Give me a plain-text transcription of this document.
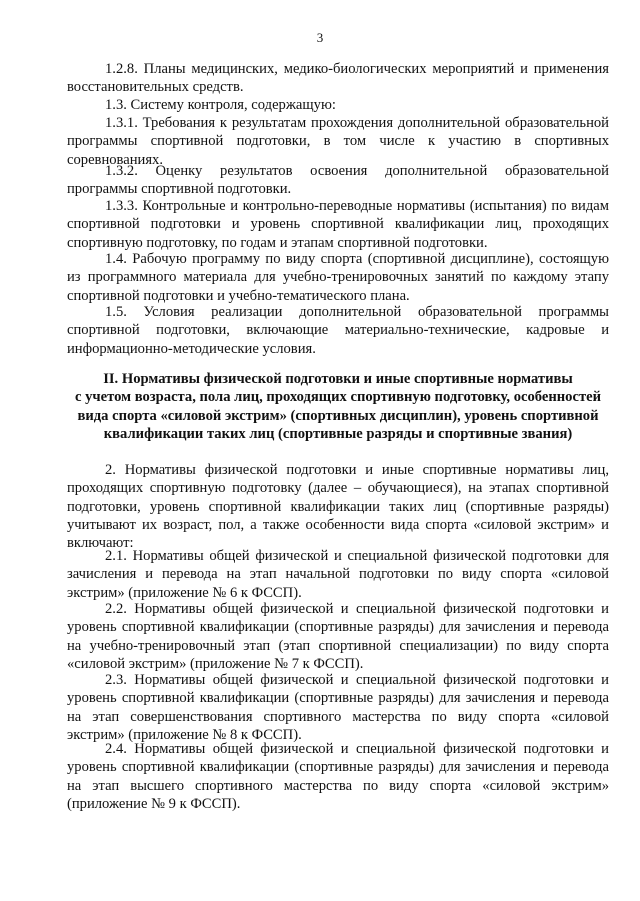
3

1.2.8. Планы медицинских, медико-биологических мероприятий и применения восстановительных средств.

1.3. Систему контроля, содержащую:

1.3.1. Требования к результатам прохождения дополнительной образовательной программы спортивной подготовки, в том числе к участию в спортивных соревнованиях.

1.3.2. Оценку результатов освоения дополнительной образовательной программы спортивной подготовки.

1.3.3. Контрольные и контрольно-переводные нормативы (испытания) по видам спортивной подготовки и уровень спортивной квалификации лиц, проходящих спортивную подготовку, по годам и этапам спортивной подготовки.

1.4. Рабочую программу по виду спорта (спортивной дисциплине), состоящую из программного материала для учебно-тренировочных занятий по каждому этапу спортивной подготовки и учебно-тематического плана.

1.5. Условия реализации дополнительной образовательной программы спортивной подготовки, включающие материально-технические, кадровые и информационно-методические условия.

II. Нормативы физической подготовки и иные спортивные нормативы
с учетом возраста, пола лиц, проходящих спортивную подготовку, особенностей
вида спорта «силовой экстрим» (спортивных дисциплин), уровень спортивной
квалификации таких лиц (спортивные разряды и спортивные звания)

2. Нормативы физической подготовки и иные спортивные нормативы лиц, проходящих спортивную подготовку (далее – обучающиеся), на этапах спортивной подготовки, уровень спортивной квалификации таких лиц (спортивные разряды) учитывают их возраст, пол, а также особенности вида спорта «силовой экстрим» и включают:

2.1. Нормативы общей физической и специальной физической подготовки для зачисления и перевода на этап начальной подготовки по виду спорта «силовой экстрим» (приложение № 6 к ФССП).

2.2. Нормативы общей физической и специальной физической подготовки и уровень спортивной квалификации (спортивные разряды) для зачисления и перевода на учебно-тренировочный этап (этап спортивной специализации) по виду спорта «силовой экстрим» (приложение № 7 к ФССП).

2.3. Нормативы общей физической и специальной физической подготовки и уровень спортивной квалификации (спортивные разряды) для зачисления и перевода на этап совершенствования спортивного мастерства по виду спорта «силовой экстрим» (приложение № 8 к ФССП).

2.4. Нормативы общей физической и специальной физической подготовки и уровень спортивной квалификации (спортивные разряды) для зачисления и перевода на этап высшего спортивного мастерства по виду спорта «силовой экстрим» (приложение № 9 к ФССП).
